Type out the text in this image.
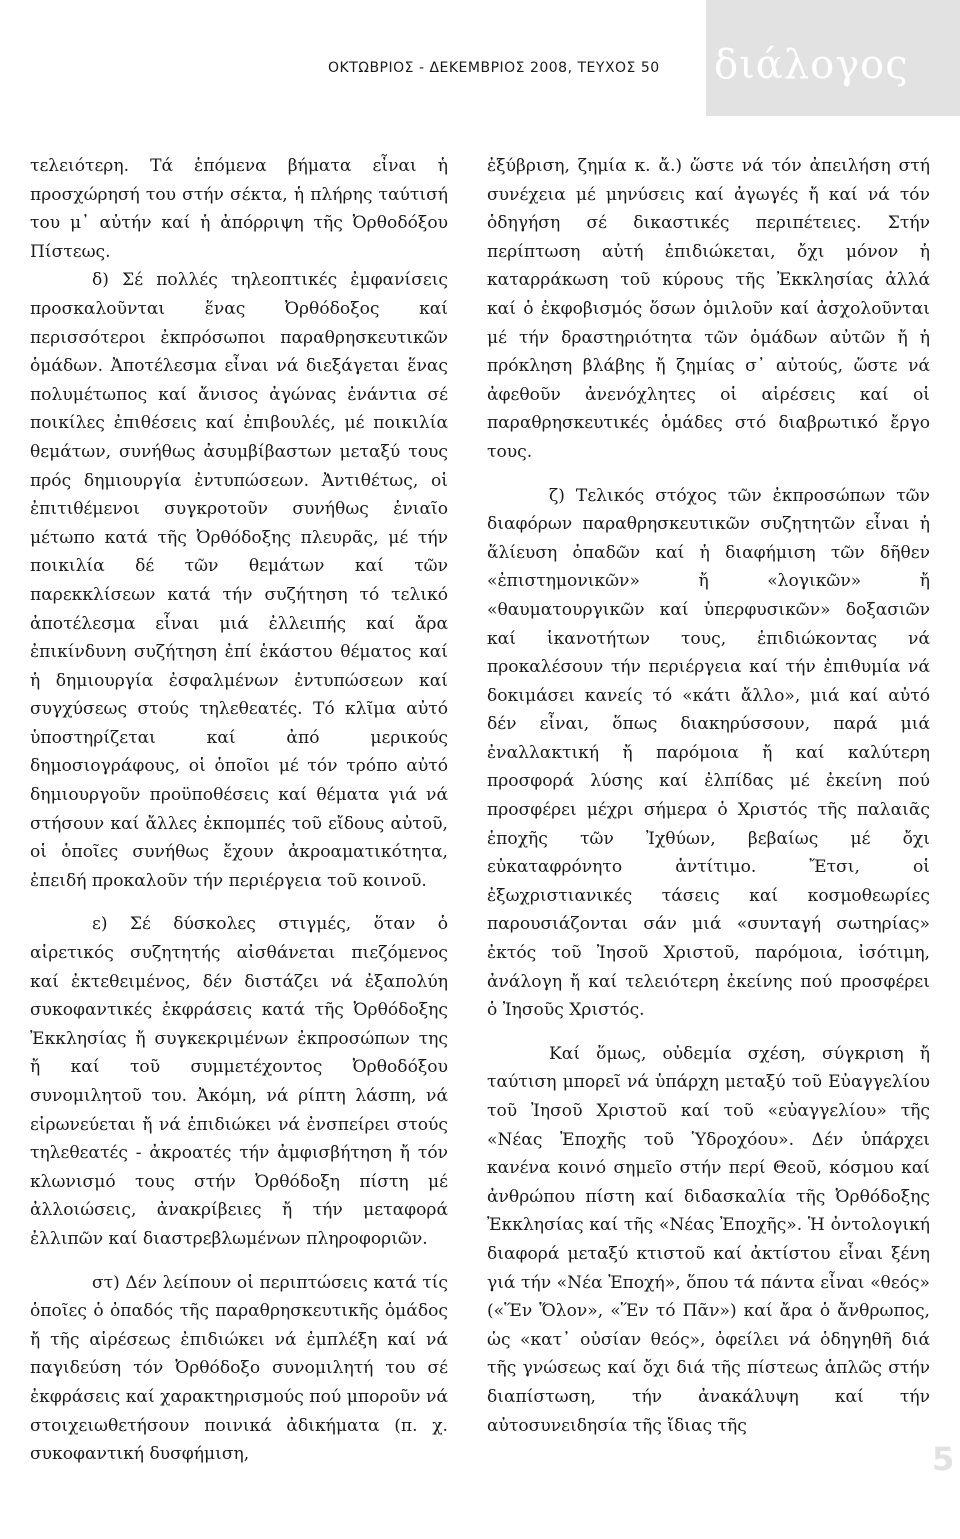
ΟΚΤΩΒΡΙΟΣ - ΔΕΚΕΜΒΡΙΟΣ 2008, ΤΕΥΧΟΣ 50 διάλογος

τελειότερη. Τά ἑπόμενα βήματα εἶναι ἡ προσχώρησή του στήν σέκτα, ἡ πλήρης ταύτισή του μ᾿ αὐτήν καί ἡ ἀπόρριψη τῆς Ὀρθοδόξου Πίστεως.

δ) Σέ πολλές τηλεοπτικές ἐμφανίσεις προσκαλοῦνται ἕνας Ὀρθόδοξος καί περισσότεροι ἐκπρόσωποι παραθρησκευτικῶν ὁμάδων. Ἀποτέλεσμα εἶναι νά διεξάγεται ἕνας πολυμέτωπος καί ἄνισος ἀγώνας ἐνάντια σέ ποικίλες ἐπιθέσεις καί ἐπιβουλές, μέ ποικιλία θεμάτων, συνήθως ἀσυμβίβαστων μεταξύ τους πρός δημιουργία ἐντυπώσεων. Ἀντιθέτως, οἱ ἐπιτιθέμενοι συγκροτοῦν συνήθως ἑνιαῖο μέτωπο κατά τῆς Ὀρθόδοξης πλευρᾶς, μέ τήν ποικιλία δέ τῶν θεμάτων καί τῶν παρεκκλίσεων κατά τήν συζήτηση τό τελικό ἀποτέλεσμα εἶναι μιά ἐλλειπής καί ἄρα ἐπικίνδυνη συζήτηση ἐπί ἑκάστου θέματος καί ἡ δημιουργία ἐσφαλμένων ἐντυπώσεων καί συγχύσεως στούς τηλεθεατές. Τό κλῖμα αὐτό ὑποστηρίζεται καί ἀπό μερικούς δημοσιογράφους, οἱ ὁποῖοι μέ τόν τρόπο αὐτό δημιουργοῦν προϋποθέσεις καί θέματα γιά νά στήσουν καί ἄλλες ἐκπομπές τοῦ εἴδους αὐτοῦ, οἱ ὁποῖες συνήθως ἔχουν ἀκροαματικότητα, ἐπειδή προκαλοῦν τήν περιέργεια τοῦ κοινοῦ.

ε) Σέ δύσκολες στιγμές, ὅταν ὁ αἱρετικός συζητητής αἰσθάνεται πιεζόμενος καί ἐκτεθειμένος, δέν διστάζει νά ἐξαπολύη συκοφαντικές ἐκφράσεις κατά τῆς Ὀρθόδοξης Ἐκκλησίας ἤ συγκεκριμένων ἐκπροσώπων της ἤ καί τοῦ συμμετέχοντος Ὀρθοδόξου συνομιλητοῦ του. Ἀκόμη, νά ρίπτη λάσπη, νά εἰρωνεύεται ἤ νά ἐπιδιώκει νά ἐνσπείρει στούς τηλεθεατές - ἀκροατές τήν ἀμφισβήτηση ἤ τόν κλωνισμό τους στήν Ὀρθόδοξη πίστη μέ ἀλλοιώσεις, ἀνακρίβειες ἤ τήν μεταφορά ἐλλιπῶν καί διαστρεβλωμένων πληροφοριῶν.

στ) Δέν λείπουν οἱ περιπτώσεις κατά τίς ὁποῖες ὁ ὀπαδός τῆς παραθρησκευτικῆς ὁμάδος ἤ τῆς αἱρέσεως ἐπιδιώκει νά ἐμπλέξη καί νά παγιδεύση τόν Ὀρθόδοξο συνομιλητή του σέ ἐκφράσεις καί χαρακτηρισμούς πού μποροῦν νά στοιχειωθετήσουν ποινικά ἀδικήματα (π. χ. συκοφαντική δυσφήμιση,

ἐξύβριση, ζημία κ. ἄ.) ὥστε νά τόν ἀπειλήση στή συνέχεια μέ μηνύσεις καί ἀγωγές ἤ καί νά τόν ὁδηγήση σέ δικαστικές περιπέτειες. Στήν περίπτωση αὐτή ἐπιδιώκεται, ὄχι μόνον ἡ καταρράκωση τοῦ κύρους τῆς Ἐκκλησίας ἀλλά καί ὁ ἐκφοβισμός ὅσων ὁμιλοῦν καί ἀσχολοῦνται μέ τήν δραστηριότητα τῶν ὁμάδων αὐτῶν ἤ ἡ πρόκληση βλάβης ἤ ζημίας σ᾿ αὐτούς, ὥστε νά ἀφεθοῦν ἀνενόχλητες οἱ αἱρέσεις καί οἱ παραθρησκευτικές ὁμάδες στό διαβρωτικό ἔργο τους.

ζ) Τελικός στόχος τῶν ἐκπροσώπων τῶν διαφόρων παραθρησκευτικῶν συζητητῶν εἶναι ἡ ἅλίευση ὀπαδῶν καί ἡ διαφήμιση τῶν δῆθεν «ἐπιστημονικῶν» ἤ «λογικῶν» ἤ «θαυματουργικῶν καί ὑπερφυσικῶν» δοξασιῶν καί ἱκανοτήτων τους, ἐπιδιώκοντας νά προκαλέσουν τήν περιέργεια καί τήν ἐπιθυμία νά δοκιμάσει κανείς τό «κάτι ἄλλο», μιά καί αὐτό δέν εἶναι, ὅπως διακηρύσσουν, παρά μιά ἐναλλακτική ἤ παρόμοια ἤ καί καλύτερη προσφορά λύσης καί ἐλπίδας μέ ἐκείνη πού προσφέρει μέχρι σήμερα ὁ Χριστός τῆς παλαιᾶς ἐποχῆς τῶν Ἰχθύων, βεβαίως μέ ὄχι εὐκαταφρόνητο ἀντίτιμο. Ἔτσι, οἱ ἐξωχριστιανικές τάσεις καί κοσμοθεωρίες παρουσιάζονται σάν μιά «συνταγή σωτηρίας» ἐκτός τοῦ Ἰησοῦ Χριστοῦ, παρόμοια, ἰσότιμη, ἀνάλογη ἤ καί τελειότερη ἐκείνης πού προσφέρει ὁ Ἰησοῦς Χριστός.

Καί ὅμως, οὐδεμία σχέση, σύγκριση ἤ ταύτιση μπορεῖ νά ὑπάρχη μεταξύ τοῦ Εὐαγγελίου τοῦ Ἰησοῦ Χριστοῦ καί τοῦ «εὐαγγελίου» τῆς «Νέας Ἐποχῆς τοῦ Ὑδροχόου». Δέν ὑπάρχει κανένα κοινό σημεῖο στήν περί Θεοῦ, κόσμου καί ἀνθρώπου πίστη καί διδασκαλία τῆς Ὀρθόδοξης Ἐκκλησίας καί τῆς «Νέας Ἐποχῆς». Ἡ ὀντολογική διαφορά μεταξύ κτιστοῦ καί ἀκτίστου εἶναι ξένη γιά τήν «Νέα Ἐποχή», ὅπου τά πάντα εἶναι «θεός» («Ἕν Ὅλον», «Ἕν τό Πᾶν») καί ἄρα ὁ ἄνθρωπος, ὡς «κατ᾿ οὐσίαν θεός», ὀφείλει νά ὁδηγηθῆ διά τῆς γνώσεως καί ὄχι διά τῆς πίστεως ἁπλῶς στήν διαπίστωση, τήν ἀνακάλυψη καί τήν αὐτοσυνειδησία τῆς ἴδιας τῆς

5
